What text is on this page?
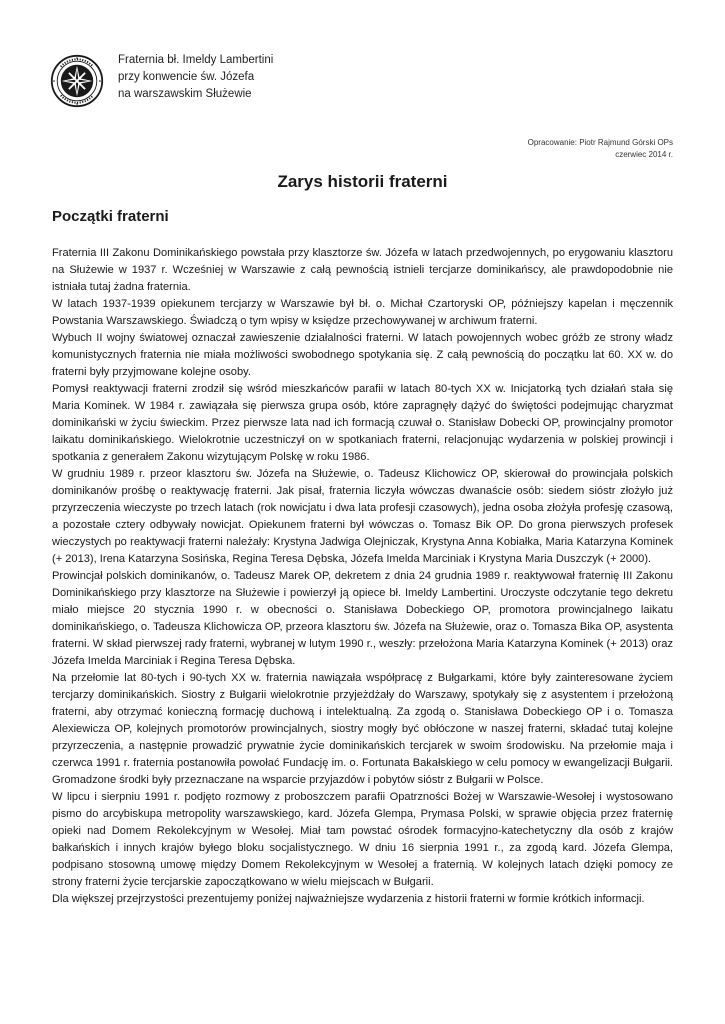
Fraternia bł. Imeldy Lambertini
przy konwencie św. Józefa
na warszawskim Służewie
Opracowanie: Piotr Rajmund Górski OPs
czerwiec 2014 r.
Zarys historii fraterni
Początki fraterni

Fraternia III Zakonu Dominikańskiego powstała przy klasztorze św. Józefa w latach przedwojennych, po erygowaniu klasztoru na Służewie w 1937 r. Wcześniej w Warszawie z całą pewnością istnieli tercjarze dominikańscy, ale prawdopodobnie nie istniała tutaj żadna fraternia.

W latach 1937-1939 opiekunem tercjarzy w Warszawie był bł. o. Michał Czartoryski OP, późniejszy kapelan i męczennik Powstania Warszawskiego. Świadczą o tym wpisy w księdze przechowywanej w archiwum fraterni.

Wybuch II wojny światowej oznaczał zawieszenie działalności fraterni. W latach powojennych wobec gróźb ze strony władz komunistycznych fraternia nie miała możliwości swobodnego spotykania się. Z całą pewnością do początku lat 60. XX w. do fraterni były przyjmowane kolejne osoby.

Pomysł reaktywacji fraterni zrodził się wśród mieszkańców parafii w latach 80-tych XX w. Inicjatorką tych działań stała się Maria Kominek. W 1984 r. zawiązała się pierwsza grupa osób, które zapragnęły dążyć do świętości podejmując charyzmat dominikański w życiu świeckim. Przez pierwsze lata nad ich formacją czuwał o. Stanisław Dobecki OP, prowincjalny promotor laikatu dominikańskiego. Wielokrotnie uczestniczył on w spotkaniach fraterni, relacjonując wydarzenia w polskiej prowincji i spotkania z generałem Zakonu wizytującym Polskę w roku 1986.

W grudniu 1989 r. przeor klasztoru św. Józefa na Służewie, o. Tadeusz Klichowicz OP, skierował do prowincjała polskich dominikanów prośbę o reaktywację fraterni. Jak pisał, fraternia liczyła wówczas dwanaście osób: siedem sióstr złożyło już przyrzeczenia wieczyste po trzech latach (rok nowicjatu i dwa lata profesji czasowych), jedna osoba złożyła profesję czasową, a pozostałe cztery odbywały nowicjat. Opiekunem fraterni był wówczas o. Tomasz Bik OP. Do grona pierwszych profesek wieczystych po reaktywacji fraterni należały: Krystyna Jadwiga Olejniczak, Krystyna Anna Kobiałka, Maria Katarzyna Kominek (+ 2013), Irena Katarzyna Sosińska, Regina Teresa Dębska, Józefa Imelda Marciniak i Krystyna Maria Duszczyk (+ 2000).

Prowincjał polskich dominikanów, o. Tadeusz Marek OP, dekretem z dnia 24 grudnia 1989 r. reaktywował fraternię III Zakonu Dominikańskiego przy klasztorze na Służewie i powierzył ją opiece bł. Imeldy Lambertini. Uroczyste odczytanie tego dekretu miało miejsce 20 stycznia 1990 r. w obecności o. Stanisława Dobeckiego OP, promotora prowincjalnego laikatu dominikańskiego, o. Tadeusza Klichowicza OP, przeora klasztoru św. Józefa na Służewie, oraz o. Tomasza Bika OP, asystenta fraterni. W skład pierwszej rady fraterni, wybranej w lutym 1990 r., weszły: przełożona Maria Katarzyna Kominek (+ 2013) oraz Józefa Imelda Marciniak i Regina Teresa Dębska.

Na przełomie lat 80-tych i 90-tych XX w. fraternia nawiązała współpracę z Bułgarkami, które były zainteresowane życiem tercjarzy dominikańskich. Siostry z Bułgarii wielokrotnie przyjeżdżały do Warszawy, spotykały się z asystentem i przełożoną fraterni, aby otrzymać konieczną formację duchową i intelektualną. Za zgodą o. Stanisława Dobeckiego OP i o. Tomasza Alexiewicza OP, kolejnych promotorów prowincjalnych, siostry mogły być obłóczone w naszej fraterni, składać tutaj kolejne przyrzeczenia, a następnie prowadzić prywatnie życie dominikańskich tercjarek w swoim środowisku. Na przełomie maja i czerwca 1991 r. fraternia postanowiła powołać Fundację im. o. Fortunata Bakałskiego w celu pomocy w ewangelizacji Bułgarii. Gromadzone środki były przeznaczane na wsparcie przyjazdów i pobytów sióstr z Bułgarii w Polsce.

W lipcu i sierpniu 1991 r. podjęto rozmowy z proboszczem parafii Opatrzności Bożej w Warszawie-Wesołej i wystosowano pismo do arcybiskupa metropolity warszawskiego, kard. Józefa Glempa, Prymasa Polski, w sprawie objęcia przez fraternię opieki nad Domem Rekolekcyjnym w Wesołej. Miał tam powstać ośrodek formacyjno-katechetyczny dla osób z krajów bałkańskich i innych krajów byłego bloku socjalistycznego. W dniu 16 sierpnia 1991 r., za zgodą kard. Józefa Glempa, podpisano stosowną umowę między Domem Rekolekcyjnym w Wesołej a fraternią. W kolejnych latach dzięki pomocy ze strony fraterni życie tercjarskie zapoczątkowano w wielu miejscach w Bułgarii.

Dla większej przejrzystości prezentujemy poniżej najważniejsze wydarzenia z historii fraterni w formie krótkich informacji.
